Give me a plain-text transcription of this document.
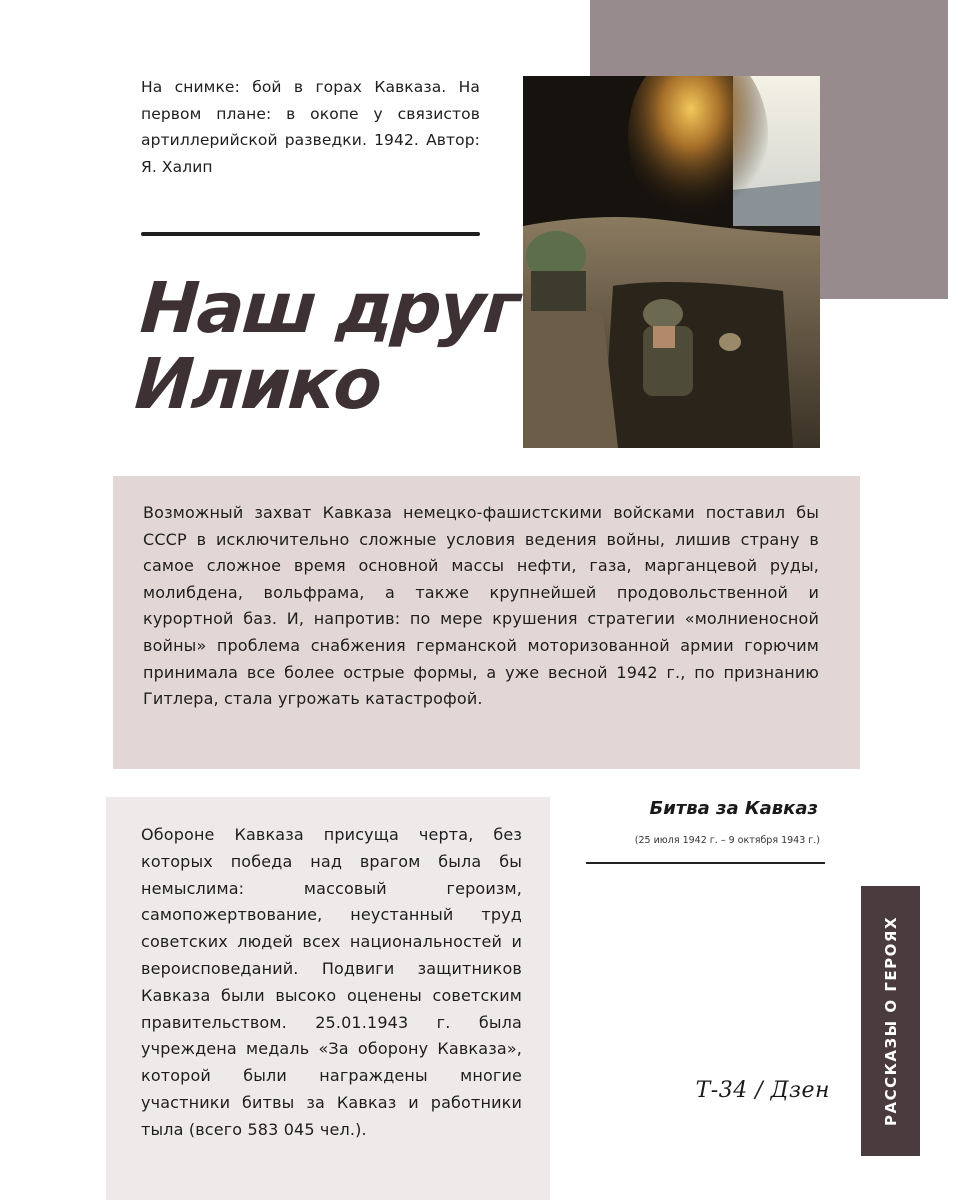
На снимке: бой в горах Кавказа. На первом плане: в окопе у связистов артиллерийской разведки. 1942. Автор: Я. Халип
Наш друг
Илико

Возможный захват Кавказа немецко-фашистскими войсками поставил бы СССР в исключительно сложные условия ведения войны, лишив страну в самое сложное время основной массы нефти, газа, марганцевой руды, молибдена, вольфрама, а также крупнейшей продовольственной и курортной баз. И, напротив: по мере крушения стратегии «молниеносной войны» проблема снабжения германской моторизованной армии горючим принимала все более острые формы, а уже весной 1942 г., по признанию Гитлера, стала угрожать катастрофой.

Обороне Кавказа присуща черта, без которых победа над врагом была бы немыслима: массовый героизм, самопожертвование, неустанный труд советских людей всех национальностей и вероисповеданий. Подвиги защитников Кавказа были высоко оценены советским правительством. 25.01.1943 г. была учреждена медаль «За оборону Кавказа», которой были награждены многие участники битвы за Кавказ и работники тыла (всего 583 045 чел.).

Битва за Кавказ
(25 июля 1942 г. – 9 октября 1943 г.)
РАССКАЗЫ О ГЕРОЯХ
Т-34 / Дзен
